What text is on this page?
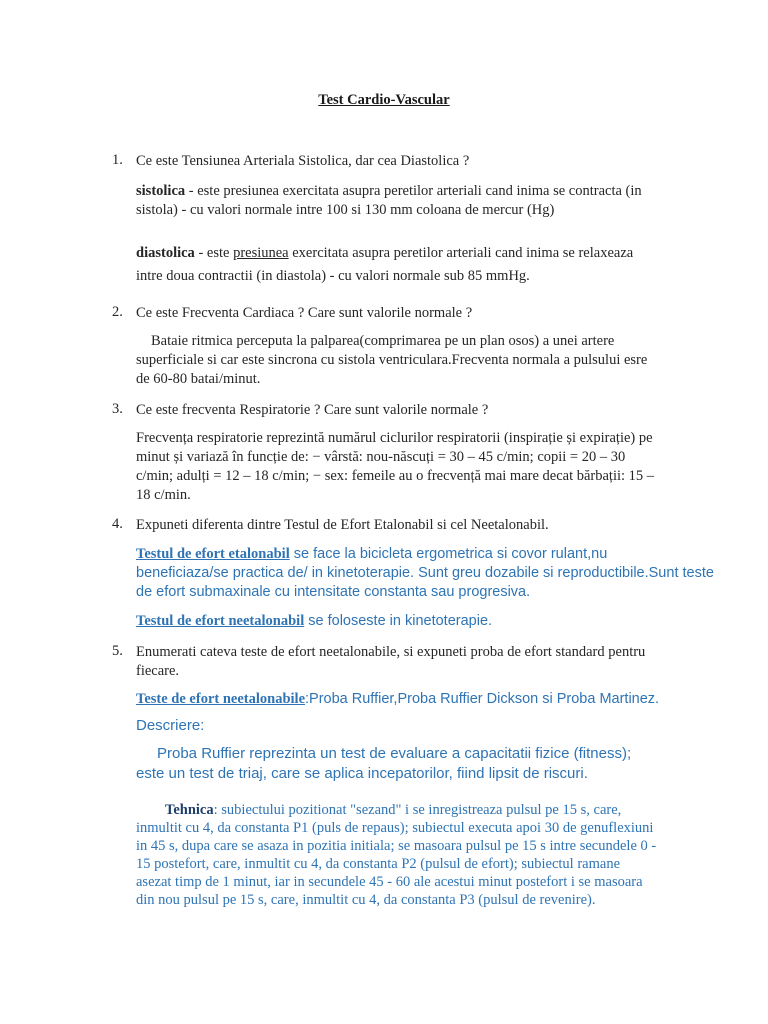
Test Cardio-Vascular
1. Ce este Tensiunea Arteriala Sistolica, dar cea Diastolica ?
sistolica - este presiunea exercitata asupra peretilor arteriali cand inima se contracta (in
sistola) - cu valori normale intre 100 si 130 mm coloana de mercur (Hg)
diastolica - este presiunea exercitata asupra peretilor arteriali cand inima se relaxeaza
intre doua contractii (in diastola) - cu valori normale sub 85 mmHg.
2. Ce este Frecventa Cardiaca ? Care sunt valorile normale ?
Bataie ritmica perceputa la palparea(comprimarea pe un plan osos) a unei artere
superficiale si car este sincrona cu sistola ventriculara.Frecventa normala a pulsului esre
de 60-80 batai/minut.
3. Ce este frecventa Respiratorie ? Care sunt valorile normale ?
Frecvența respiratorie reprezintă numărul ciclurilor respiratorii (inspirație și expirație) pe
minut și variază în funcție de: − vârstă: nou-născuți = 30 – 45 c/min; copii = 20 – 30
c/min; adulți = 12 – 18 c/min; − sex: femeile au o frecvență mai mare decat bărbații: 15 –
18 c/min.
4. Expuneti diferenta dintre Testul de Efort Etalonabil si cel Neetalonabil.
Testul de efort etalonabil se face la bicicleta ergometrica si covor rulant,nu
beneficiaza/se practica de/ in kinetoterapie. Sunt greu dozabile si reproductibile.Sunt teste
de efort submaxinale cu intensitate constanta sau progresiva.
Testul de efort neetalonabil se foloseste in kinetoterapie.
5. Enumerati cateva teste de efort neetalonabile, si expuneti proba de efort standard pentru
fiecare.
Teste de efort neetalonabile:Proba Ruffier,Proba Ruffier Dickson si Proba Martinez.
Descriere:
Proba Ruffier reprezinta un test de evaluare a capacitatii fizice (fitness);
este un test de triaj, care se aplica incepatorilor, fiind lipsit de riscuri.
Tehnica: subiectului pozitionat "sezand" i se inregistreaza pulsul pe 15 s, care,
inmultit cu 4, da constanta P1 (puls de repaus); subiectul executa apoi 30 de genuflexiuni
in 45 s, dupa care se asaza in pozitia initiala; se masoara pulsul pe 15 s intre secundele 0 -
15 postefort, care, inmultit cu 4, da constanta P2 (pulsul de efort); subiectul ramane
asezat timp de 1 minut, iar in secundele 45 - 60 ale acestui minut postefort i se masoara
din nou pulsul pe 15 s, care, inmultit cu 4, da constanta P3 (pulsul de revenire).
